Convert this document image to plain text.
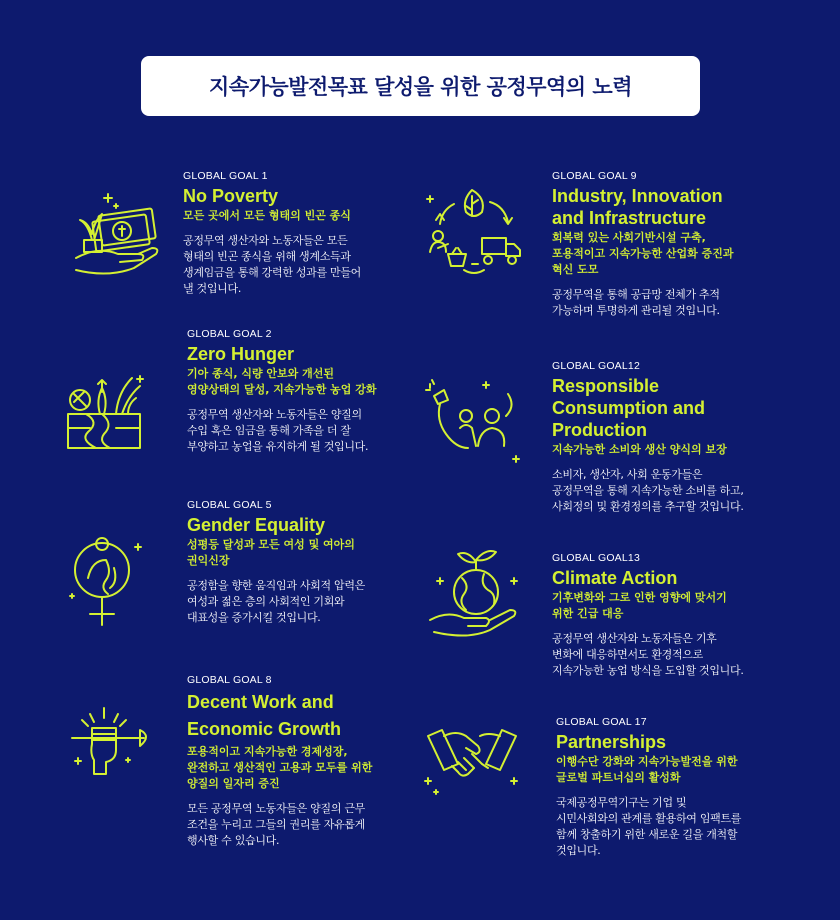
지속가능발전목표 달성을 위한 공정무역의 노력
GLOBAL GOAL 1
No Poverty
모든 곳에서 모든 형태의 빈곤 종식
공정무역 생산자와 노동자들은 모든
형태의 빈곤 종식을 위해 생계소득과
생계임금을 통해 강력한 성과를 만들어
낼 것입니다.
GLOBAL GOAL 2
Zero Hunger
기아 종식, 식량 안보와 개선된
영양상태의 달성, 지속가능한 농업 강화
공정무역 생산자와 노동자들은 양질의
수입 혹은 임금을 통해 가족을 더 잘
부양하고 농업을 유지하게 될 것입니다.
GLOBAL GOAL 5
Gender Equality
성평등 달성과 모든 여성 및 여아의
권익신장
공정함을 향한 움직임과 사회적 압력은
여성과 젊은 층의 사회적인 기회와
대표성을 증가시킬 것입니다.
GLOBAL GOAL 8
Decent Work and
Economic Growth
포용적이고 지속가능한 경제성장,
완전하고 생산적인 고용과 모두를 위한
양질의 일자리 증진
모든 공정무역 노동자들은 양질의 근무
조건을 누리고 그들의 권리를 자유롭게
행사할 수 있습니다.
GLOBAL GOAL 9
Industry, Innovation
and Infrastructure
회복력 있는 사회기반시설 구축,
포용적이고 지속가능한 산업화 증진과
혁신 도모
공정무역을 통해 공급망 전체가 추적
가능하며 투명하게 관리될 것입니다.
GLOBAL GOAL12
Responsible
Consumption and
Production
지속가능한 소비와 생산 양식의 보장
소비자, 생산자, 사회 운동가들은
공정무역을 통해 지속가능한 소비를 하고,
사회정의 및 환경정의를 추구할 것입니다.
GLOBAL GOAL13
Climate Action
기후변화와 그로 인한 영향에 맞서기
위한 긴급 대응
공정무역 생산자와 노동자들은 기후
변화에 대응하면서도 환경적으로
지속가능한 농업 방식을 도입할 것입니다.
GLOBAL GOAL 17
Partnerships
이행수단 강화와 지속가능발전을 위한
글로벌 파트너십의 활성화
국제공정무역기구는 기업 및
시민사회와의 관계를 활용하여 임팩트를
함께 창출하기 위한 새로운 길을 개척할
것입니다.
